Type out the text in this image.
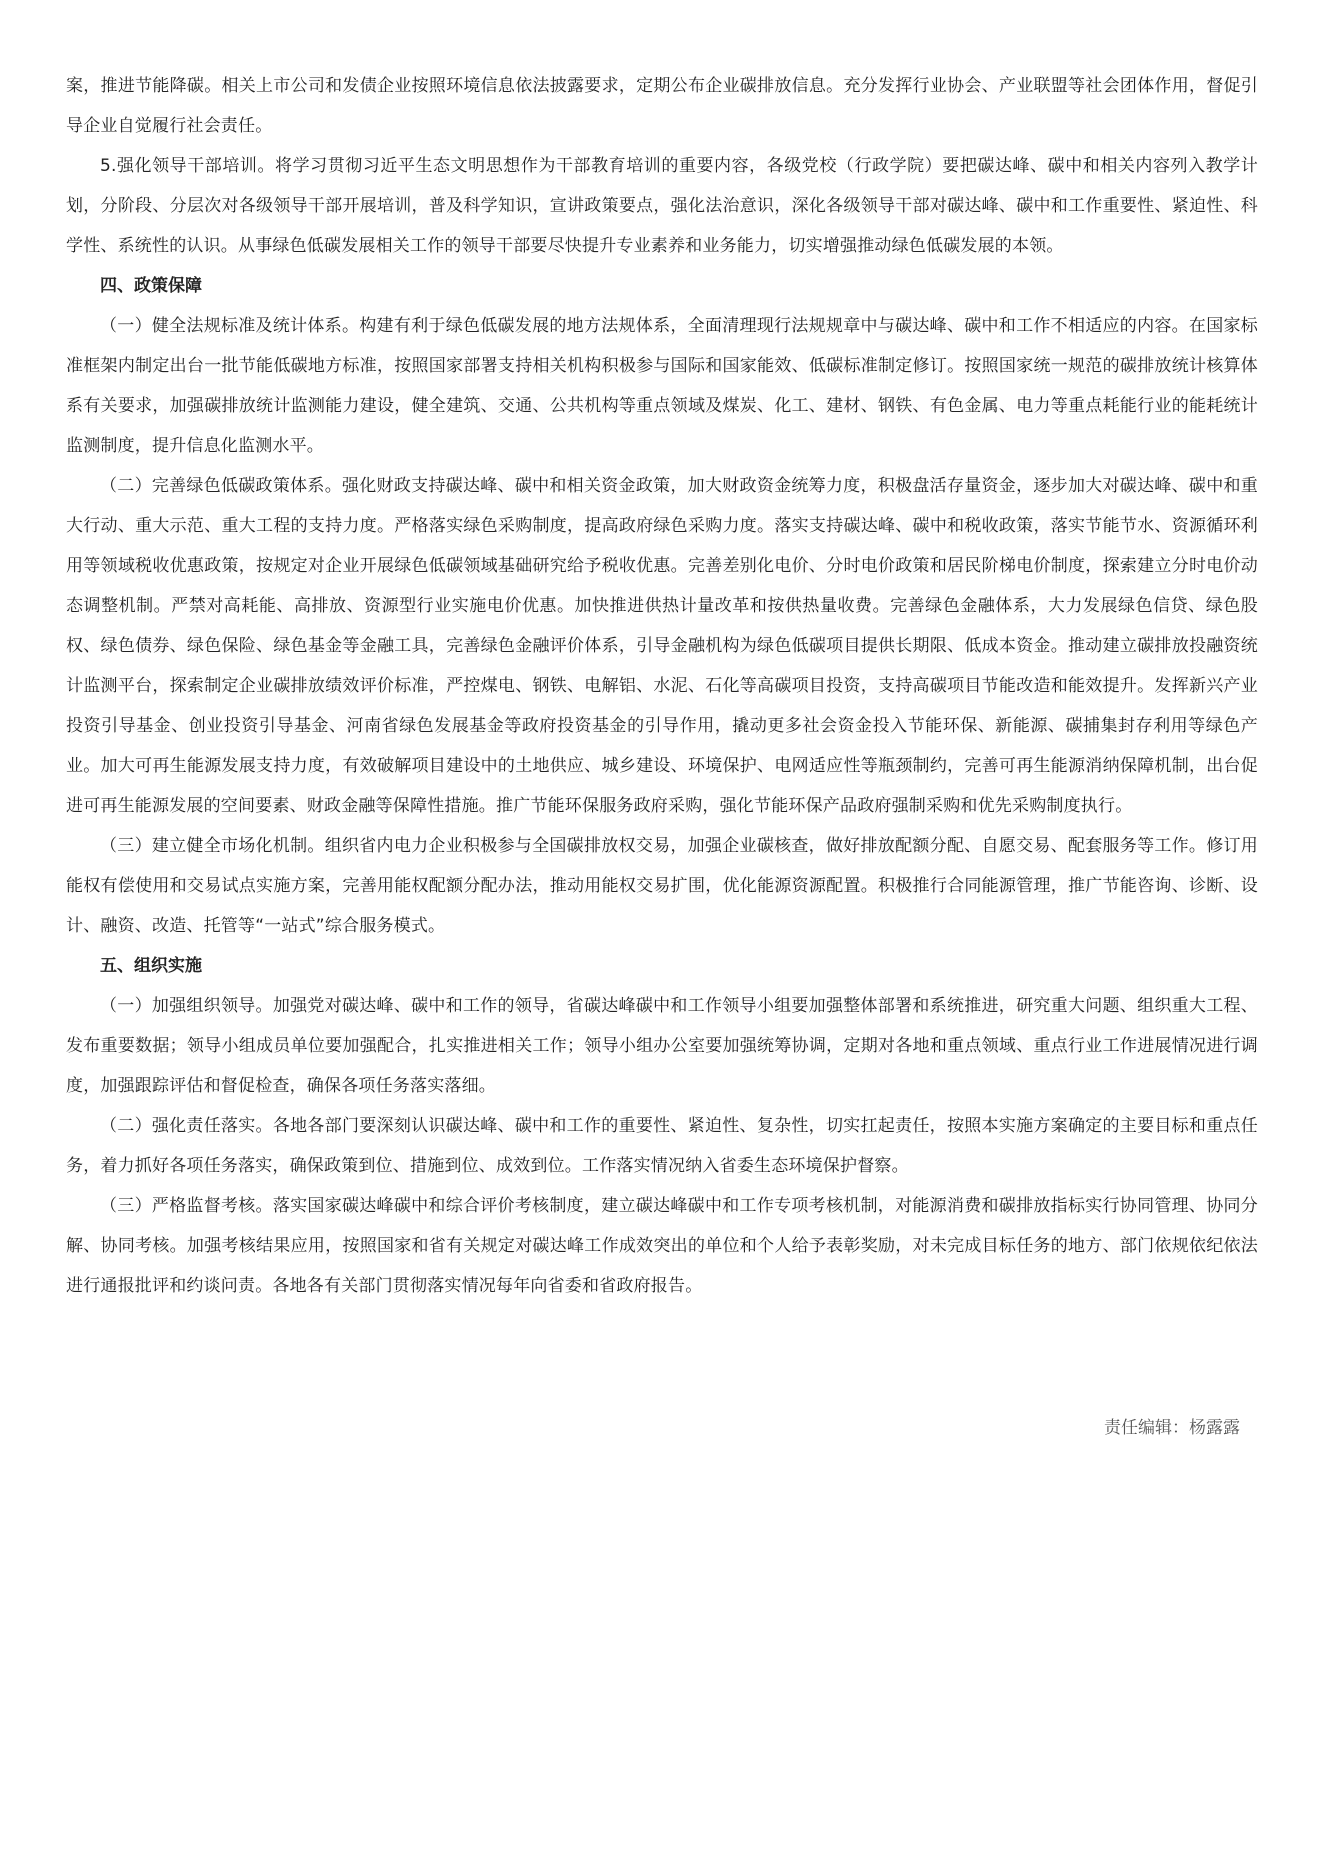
案，推进节能降碳。相关上市公司和发债企业按照环境信息依法披露要求，定期公布企业碳排放信息。充分发挥行业协会、产业联盟等社会团体作用，督促引导企业自觉履行社会责任。

5.强化领导干部培训。将学习贯彻习近平生态文明思想作为干部教育培训的重要内容，各级党校（行政学院）要把碳达峰、碳中和相关内容列入教学计划，分阶段、分层次对各级领导干部开展培训，普及科学知识，宣讲政策要点，强化法治意识，深化各级领导干部对碳达峰、碳中和工作重要性、紧迫性、科学性、系统性的认识。从事绿色低碳发展相关工作的领导干部要尽快提升专业素养和业务能力，切实增强推动绿色低碳发展的本领。

四、政策保障

（一）健全法规标准及统计体系。构建有利于绿色低碳发展的地方法规体系，全面清理现行法规规章中与碳达峰、碳中和工作不相适应的内容。在国家标准框架内制定出台一批节能低碳地方标准，按照国家部署支持相关机构积极参与国际和国家能效、低碳标准制定修订。按照国家统一规范的碳排放统计核算体系有关要求，加强碳排放统计监测能力建设，健全建筑、交通、公共机构等重点领域及煤炭、化工、建材、钢铁、有色金属、电力等重点耗能行业的能耗统计监测制度，提升信息化监测水平。

（二）完善绿色低碳政策体系。强化财政支持碳达峰、碳中和相关资金政策，加大财政资金统筹力度，积极盘活存量资金，逐步加大对碳达峰、碳中和重大行动、重大示范、重大工程的支持力度。严格落实绿色采购制度，提高政府绿色采购力度。落实支持碳达峰、碳中和税收政策，落实节能节水、资源循环利用等领域税收优惠政策，按规定对企业开展绿色低碳领域基础研究给予税收优惠。完善差别化电价、分时电价政策和居民阶梯电价制度，探索建立分时电价动态调整机制。严禁对高耗能、高排放、资源型行业实施电价优惠。加快推进供热计量改革和按供热量收费。完善绿色金融体系，大力发展绿色信贷、绿色股权、绿色债券、绿色保险、绿色基金等金融工具，完善绿色金融评价体系，引导金融机构为绿色低碳项目提供长期限、低成本资金。推动建立碳排放投融资统计监测平台，探索制定企业碳排放绩效评价标准，严控煤电、钢铁、电解铝、水泥、石化等高碳项目投资，支持高碳项目节能改造和能效提升。发挥新兴产业投资引导基金、创业投资引导基金、河南省绿色发展基金等政府投资基金的引导作用，撬动更多社会资金投入节能环保、新能源、碳捕集封存利用等绿色产业。加大可再生能源发展支持力度，有效破解项目建设中的土地供应、城乡建设、环境保护、电网适应性等瓶颈制约，完善可再生能源消纳保障机制，出台促进可再生能源发展的空间要素、财政金融等保障性措施。推广节能环保服务政府采购，强化节能环保产品政府强制采购和优先采购制度执行。

（三）建立健全市场化机制。组织省内电力企业积极参与全国碳排放权交易，加强企业碳核查，做好排放配额分配、自愿交易、配套服务等工作。修订用能权有偿使用和交易试点实施方案，完善用能权配额分配办法，推动用能权交易扩围，优化能源资源配置。积极推行合同能源管理，推广节能咨询、诊断、设计、融资、改造、托管等“一站式”综合服务模式。

五、组织实施

（一）加强组织领导。加强党对碳达峰、碳中和工作的领导，省碳达峰碳中和工作领导小组要加强整体部署和系统推进，研究重大问题、组织重大工程、发布重要数据；领导小组成员单位要加强配合，扎实推进相关工作；领导小组办公室要加强统筹协调，定期对各地和重点领域、重点行业工作进展情况进行调度，加强跟踪评估和督促检查，确保各项任务落实落细。

（二）强化责任落实。各地各部门要深刻认识碳达峰、碳中和工作的重要性、紧迫性、复杂性，切实扛起责任，按照本实施方案确定的主要目标和重点任务，着力抓好各项任务落实，确保政策到位、措施到位、成效到位。工作落实情况纳入省委生态环境保护督察。

（三）严格监督考核。落实国家碳达峰碳中和综合评价考核制度，建立碳达峰碳中和工作专项考核机制，对能源消费和碳排放指标实行协同管理、协同分解、协同考核。加强考核结果应用，按照国家和省有关规定对碳达峰工作成效突出的单位和个人给予表彰奖励，对未完成目标任务的地方、部门依规依纪依法进行通报批评和约谈问责。各地各有关部门贯彻落实情况每年向省委和省政府报告。

责任编辑：杨露露
